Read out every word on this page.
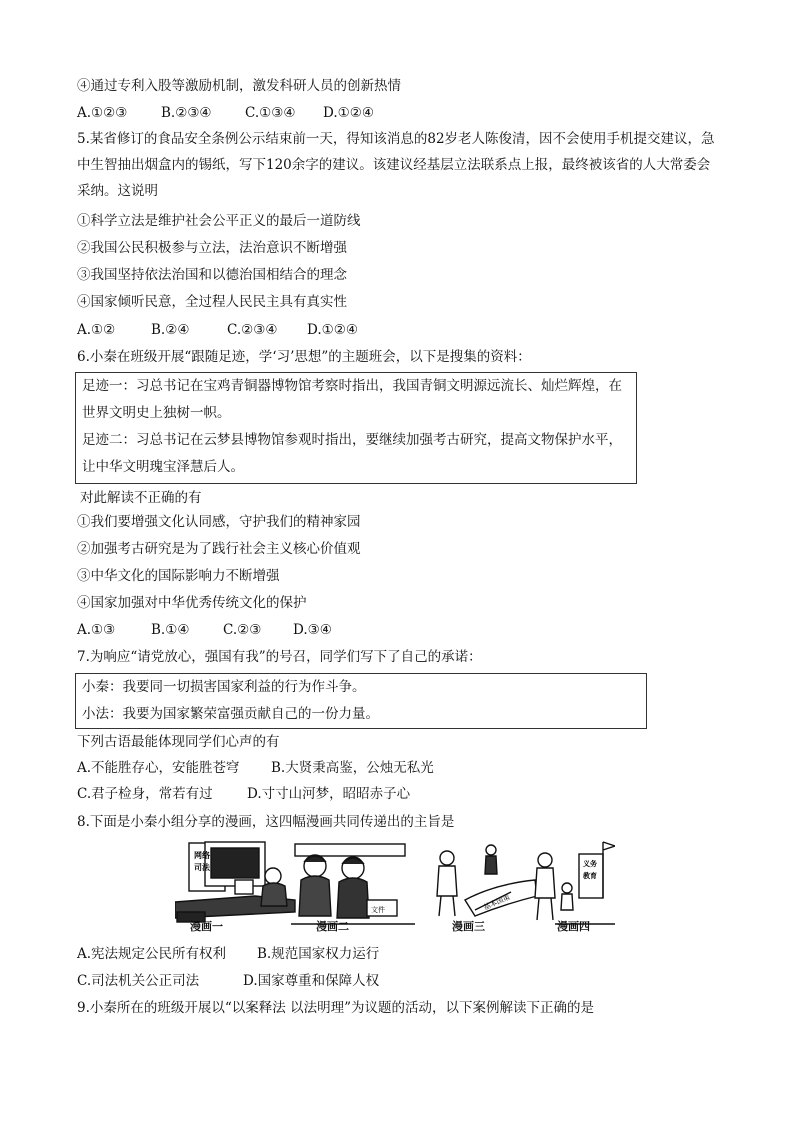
④通过专利入股等激励机制，激发科研人员的创新热情
A.①②③ B.②③④ C.①③④ D.①②④
5.某省修订的食品安全条例公示结束前一天，得知该消息的82岁老人陈俊清，因不会使用手机提交建议，急中生智抽出烟盒内的锡纸，写下120余字的建议。该建议经基层立法联系点上报，最终被该省的人大常委会采纳。这说明
①科学立法是维护社会公平正义的最后一道防线
②我国公民积极参与立法，法治意识不断增强
③我国坚持依法治国和以德治国相结合的理念
④国家倾听民意，全过程人民民主具有真实性
A.①②	B.②④	C.②③④ D.①②④
6.小秦在班级开展“跟随足迹，学‘习’思想”的主题班会，以下是搜集的资料：
足迹一：习总书记在宝鸡青铜器博物馆考察时指出，我国青铜文明源远流长、灿烂辉煌，在世界文明史上独树一帜。
足迹二：习总书记在云梦县博物馆参观时指出，要继续加强考古研究，提高文物保护水平，让中华文明瑰宝泽慧后人。
对此解读不正确的有
①我们要增强文化认同感，守护我们的精神家园
②加强考古研究是为了践行社会主义核心价值观
③中华文化的国际影响力不断增强
④国家加强对中华优秀传统文化的保护
A.①③	B.①④ C.②③ D.③④
7.为响应“请党放心，强国有我”的号召，同学们写下了自己的承诺：
小秦：我要同一切损害国家利益的行为作斗争。
小法：我要为国家繁荣富强贡献自己的一份力量。
下列古语最能体现同学们心声的有
A.不能胜存心，安能胜苍穹 B.大贤秉高鉴，公烛无私光
C.君子检身，常若有过	D.寸寸山河梦，昭昭赤子心
8.下面是小秦小组分享的漫画，这四幅漫画共同传递出的主旨是
网络
司法
文件	基本国策
义务
教育
漫画一	漫画二	漫画三	漫画四
A.宪法规定公民所有权利 B.规范国家权力运行
C.司法机关公正司法	D.国家尊重和保障人权
9.小秦所在的班级开展以“以案释法 以法明理”为议题的活动，以下案例解读下正确的是
